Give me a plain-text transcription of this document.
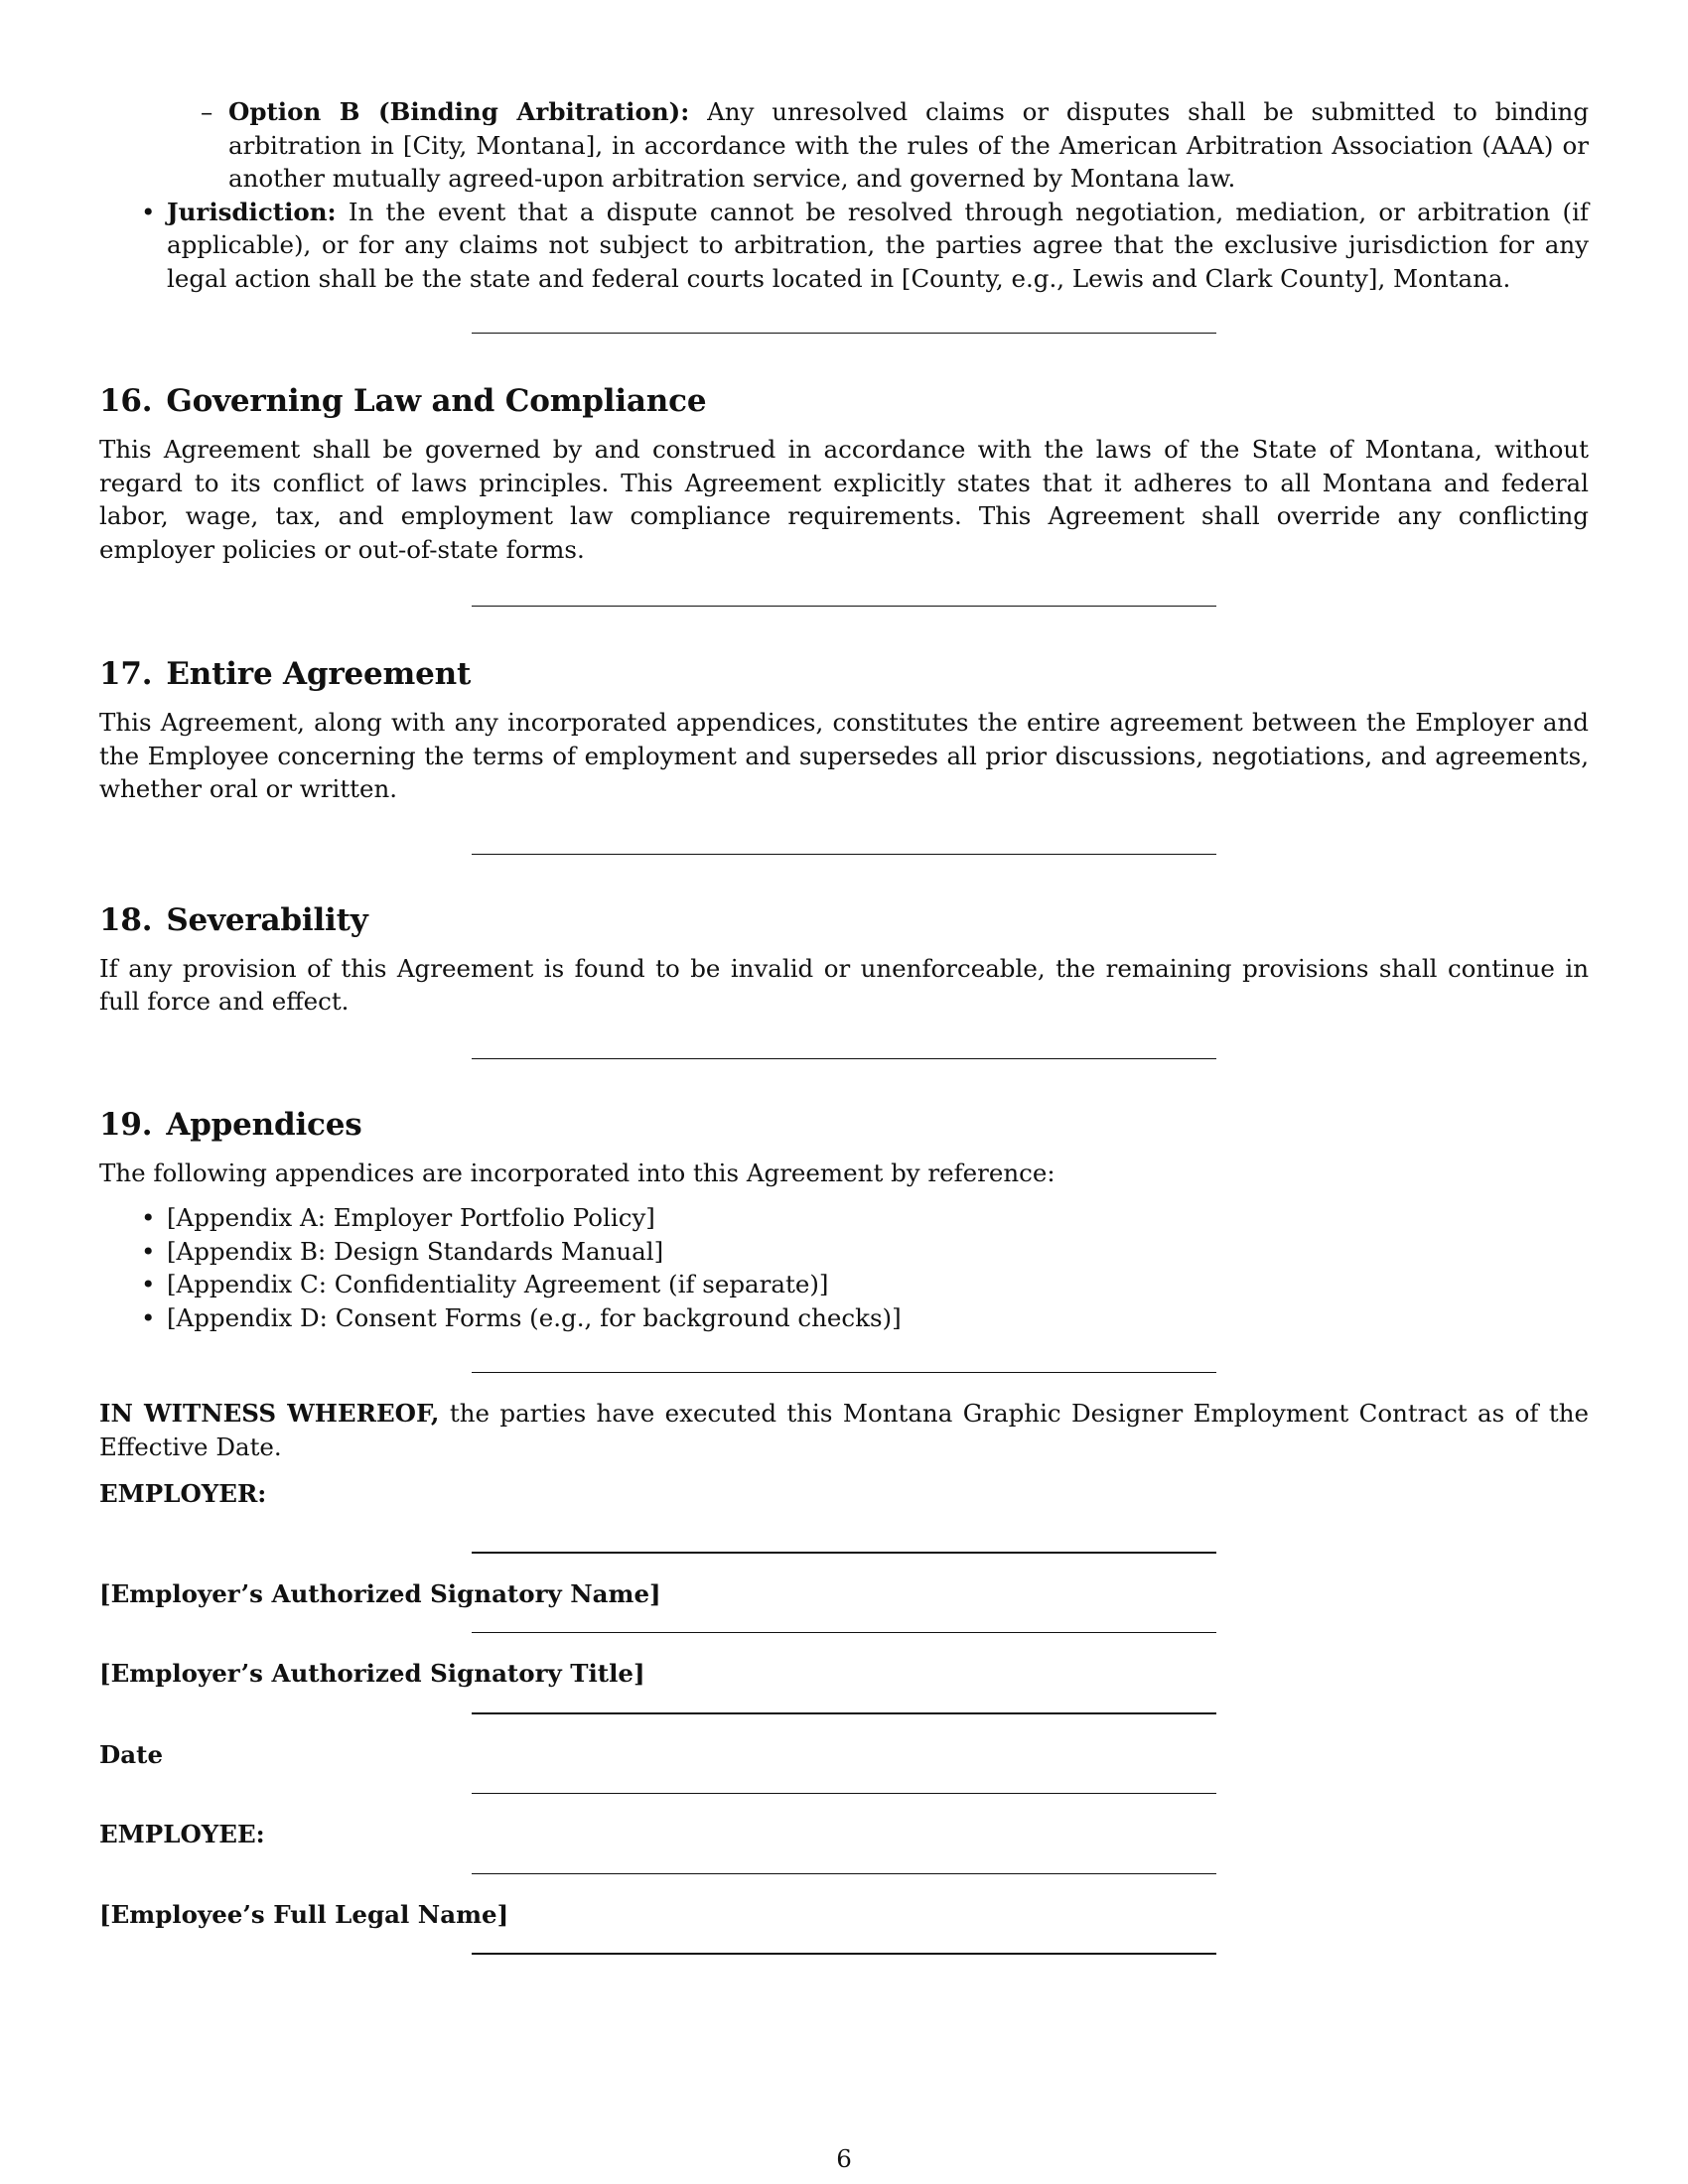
– Option B (Binding Arbitration): Any unresolved claims or disputes shall be submitted to binding arbitration in [City, Montana], in accordance with the rules of the American Arbitration Association (AAA) or another mutually agreed-upon arbitration service, and governed by Montana law.
• Jurisdiction: In the event that a dispute cannot be resolved through negotiation, mediation, or arbitration (if applicable), or for any claims not subject to arbitration, the parties agree that the exclusive jurisdiction for any legal action shall be the state and federal courts located in [County, e.g., Lewis and Clark County], Montana.
16. Governing Law and Compliance

This Agreement shall be governed by and construed in accordance with the laws of the State of Montana, without regard to its conflict of laws principles. This Agreement explicitly states that it adheres to all Montana and federal labor, wage, tax, and employment law compliance requirements. This Agreement shall override any conflicting employer policies or out-of-state forms.

17. Entire Agreement

This Agreement, along with any incorporated appendices, constitutes the entire agreement between the Employer and the Employee concerning the terms of employment and supersedes all prior discussions, negotiations, and agreements, whether oral or written.

18. Severability

If any provision of this Agreement is found to be invalid or unenforceable, the remaining provisions shall continue in full force and effect.

19. Appendices

The following appendices are incorporated into this Agreement by reference:

• [Appendix A: Employer Portfolio Policy]
• [Appendix B: Design Standards Manual]
• [Appendix C: Confidentiality Agreement (if separate)]
• [Appendix D: Consent Forms (e.g., for background checks)]

IN WITNESS WHEREOF, the parties have executed this Montana Graphic Designer Employment Contract as of the Effective Date.

EMPLOYER:

[Employer’s Authorized Signatory Name]

[Employer’s Authorized Signatory Title]

Date

EMPLOYEE:

[Employee’s Full Legal Name]

6
